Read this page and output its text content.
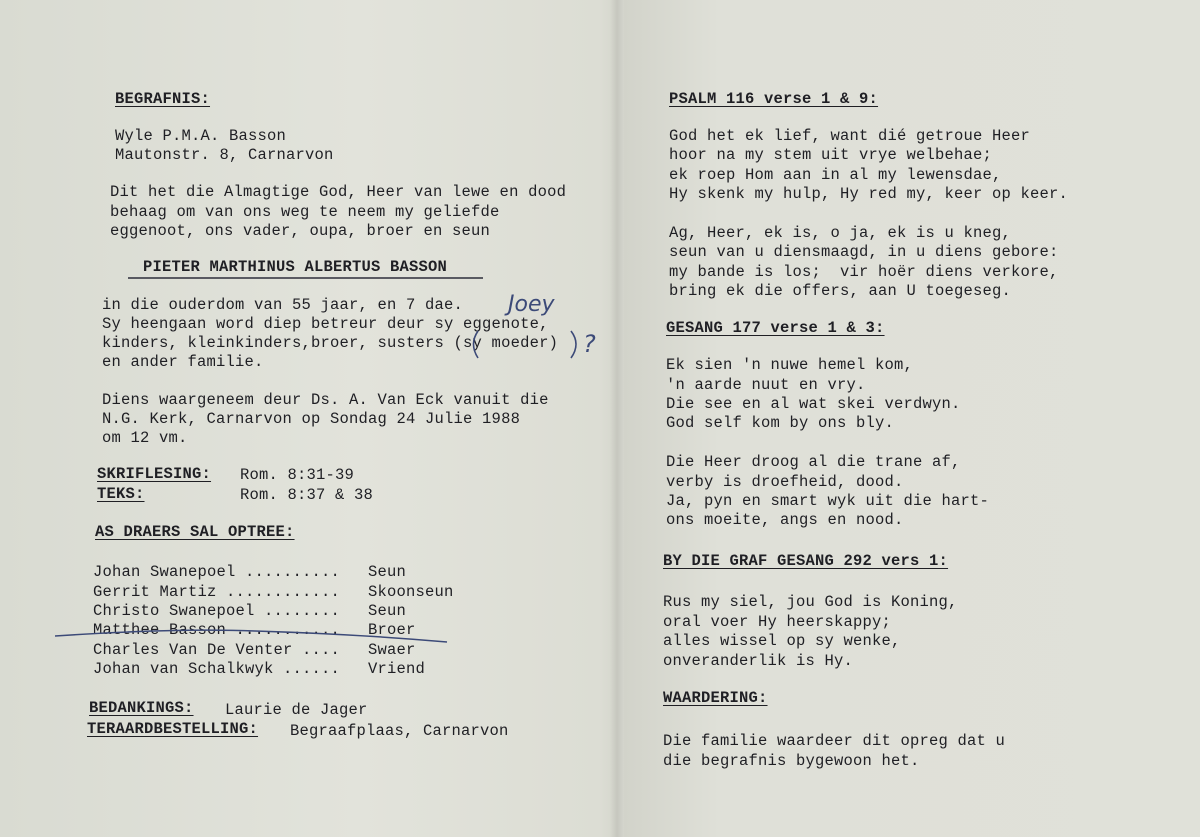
BEGRAFNIS:
Wyle P.M.A. Basson
Mautonstr. 8, Carnarvon
Dit het die Almagtige God, Heer van lewe en dood
behaag om van ons weg te neem my geliefde
eggenoot, ons vader, oupa, broer en seun
PIETER MARTHINUS ALBERTUS BASSON
in die ouderdom van 55 jaar, en 7 dae.
Sy heengaan word diep betreur deur sy eggenote,
kinders, kleinkinders,broer, susters (sy moeder)
en ander familie.
Joey
?
Diens waargeneem deur Ds. A. Van Eck vanuit die
N.G. Kerk, Carnarvon op Sondag 24 Julie 1988
om 12 vm.
SKRIFLESING: Rom. 8:31-39
TEKS:	Rom. 8:37 & 38
AS DRAERS SAL OPTREE:
Johan Swanepoel .......... Seun
Gerrit Martiz ............ Skoonseun
Christo Swanepoel ........ Seun
Matthee Basson ........... Broer
Charles Van De Venter .... Swaer
Johan van Schalkwyk ...... Vriend
BEDANKINGS: Laurie de Jager
TERAARDBESTELLING: Begraafplaas, Carnarvon
PSALM 116 verse 1 & 9:
God het ek lief, want dié getroue Heer
hoor na my stem uit vrye welbehae;
ek roep Hom aan in al my lewensdae,
Hy skenk my hulp, Hy red my, keer op keer.
Ag, Heer, ek is, o ja, ek is u kneg,
seun van u diensmaagd, in u diens gebore:
my bande is los;  vir hoër diens verkore,
bring ek die offers, aan U toegeseg.
GESANG 177 verse 1 & 3:
Ek sien 'n nuwe hemel kom,
'n aarde nuut en vry.
Die see en al wat skei verdwyn.
God self kom by ons bly.
Die Heer droog al die trane af,
verby is droefheid, dood.
Ja, pyn en smart wyk uit die hart-
ons moeite, angs en nood.
BY DIE GRAF GESANG 292 vers 1:
Rus my siel, jou God is Koning,
oral voer Hy heerskappy;
alles wissel op sy wenke,
onveranderlik is Hy.
WAARDERING:
Die familie waardeer dit opreg dat u
die begrafnis bygewoon het.
